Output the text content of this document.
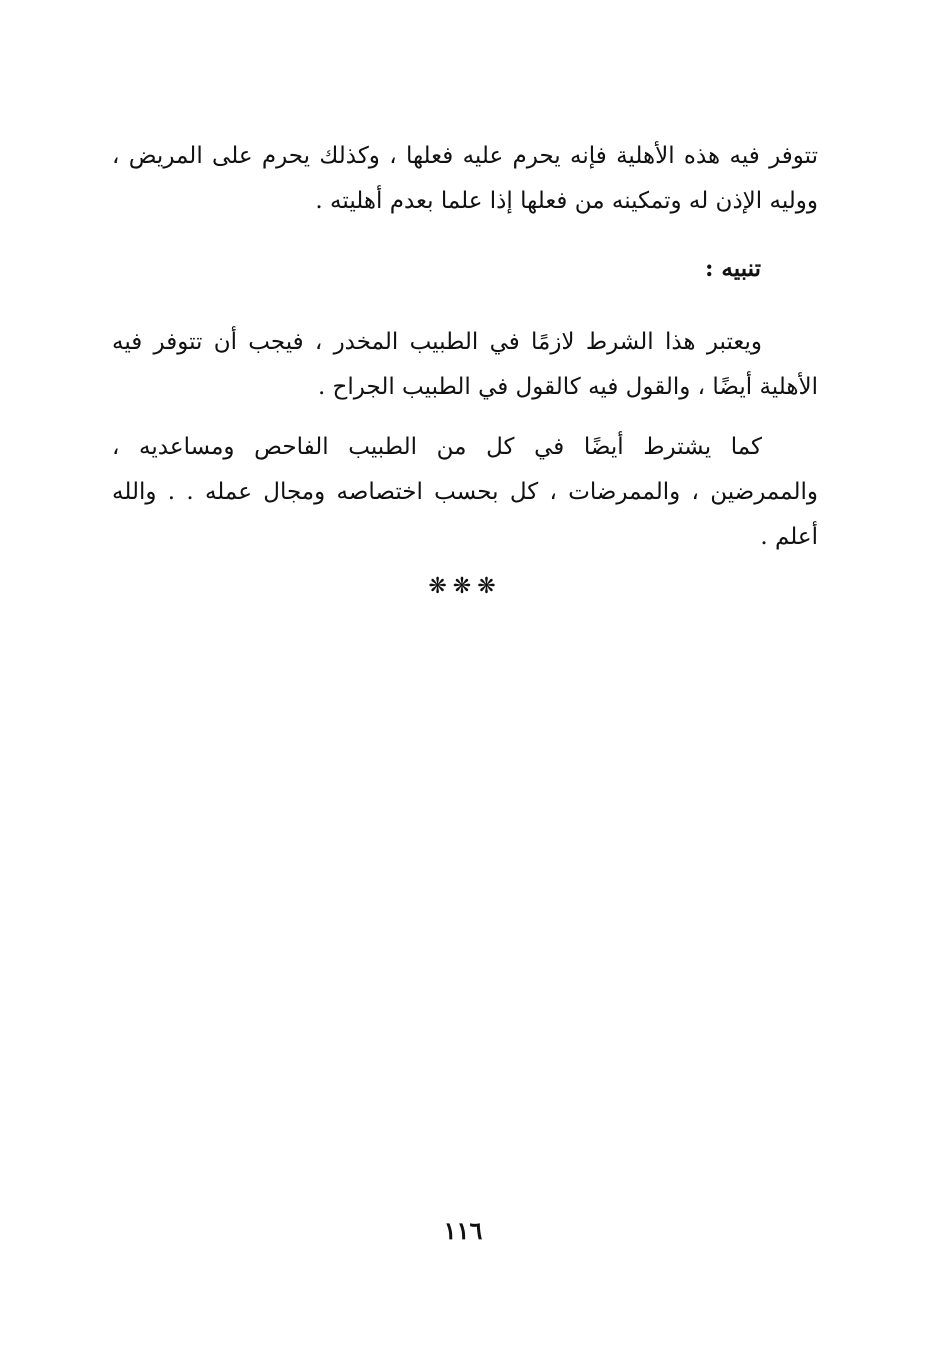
تتوفر فيه هذه الأهلية فإنه يحرم عليه فعلها ، وكذلك يحرم على المريض ، ووليه الإذن له وتمكينه من فعلها إذا علما بعدم أهليته .

تنبيه :

ويعتبر هذا الشرط لازمًا في الطبيب المخدر ، فيجب أن تتوفر فيه الأهلية أيضًا ، والقول فيه كالقول في الطبيب الجراح .

كما يشترط أيضًا في كل من الطبيب الفاحص ومساعديه ، والممرضين ، والممرضات ، كل بحسب اختصاصه ومجال عمله . . والله أعلم .

❋❋❋

١١٦
